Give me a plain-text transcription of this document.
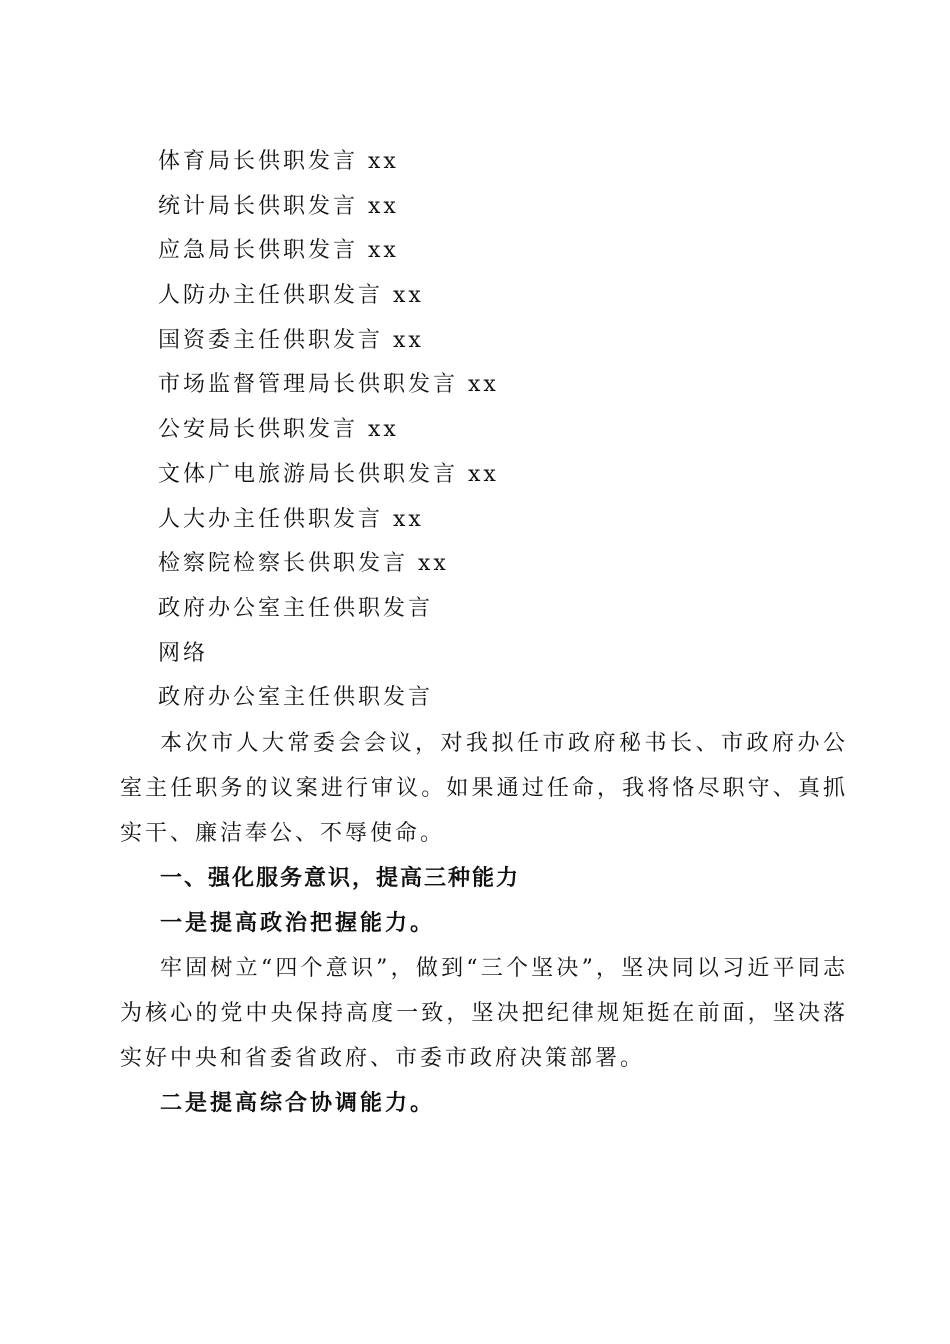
体育局长供职发言 xx
统计局长供职发言 xx
应急局长供职发言 xx
人防办主任供职发言 xx
国资委主任供职发言 xx
市场监督管理局长供职发言 xx
公安局长供职发言 xx
文体广电旅游局长供职发言 xx
人大办主任供职发言 xx
检察院检察长供职发言 xx
政府办公室主任供职发言
网络
政府办公室主任供职发言

本次市人大常委会会议，对我拟任市政府秘书长、市政府办公室主任职务的议案进行审议。如果通过任命，我将恪尽职守、真抓实干、廉洁奉公、不辱使命。

一、强化服务意识，提高三种能力

一是提高政治把握能力。

牢固树立“四个意识”，做到“三个坚决”，坚决同以习近平同志为核心的党中央保持高度一致，坚决把纪律规矩挺在前面，坚决落实好中央和省委省政府、市委市政府决策部署。

二是提高综合协调能力。
